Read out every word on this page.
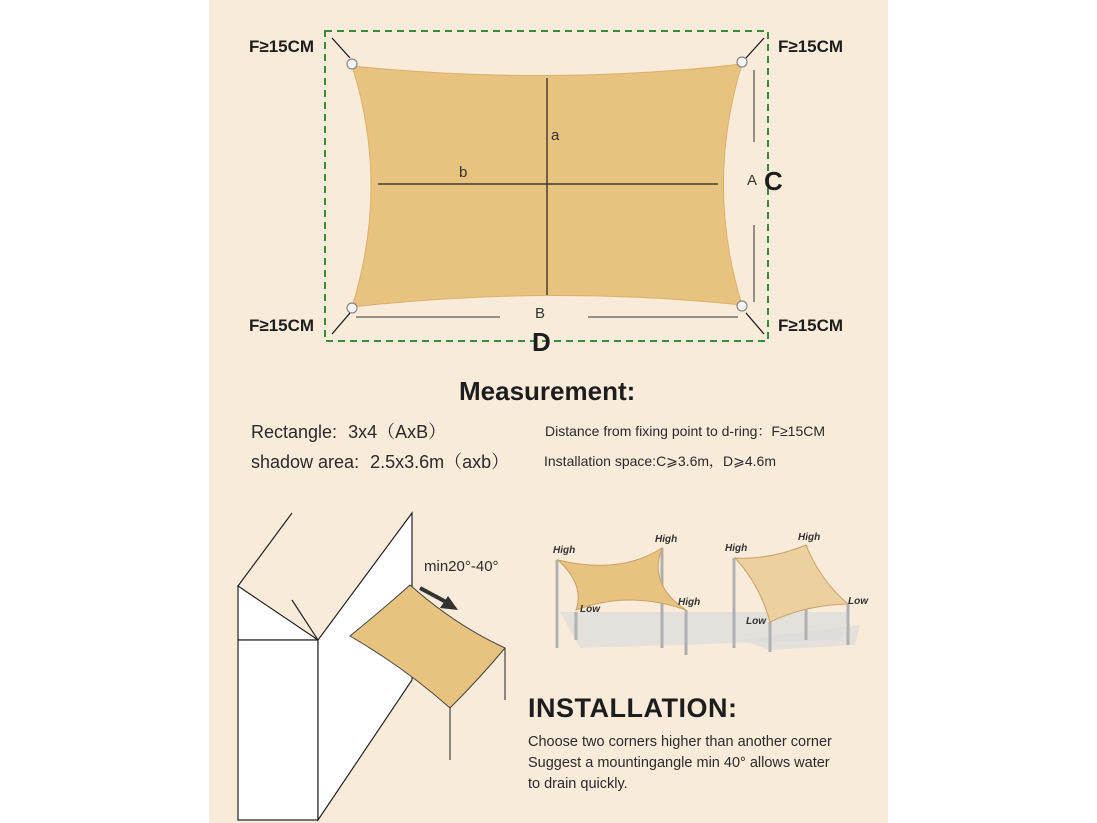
F≥15CM	F≥15CM
F≥15CM	F≥15CM
a
b	A
B
C
D
Measurement:
Rectangle: 3x4（AxB）
shadow area: 2.5x3.6m（axb）
Distance from fixing point to d-ring：F≥15CM
Installation space:C⩾3.6m，D⩾4.6m
min20°-40°
High
High
High
Low
High
High
Low
Low
INSTALLATION:
Choose two corners higher than another corner
Suggest a mountingangle min 40° allows water
to drain quickly.
